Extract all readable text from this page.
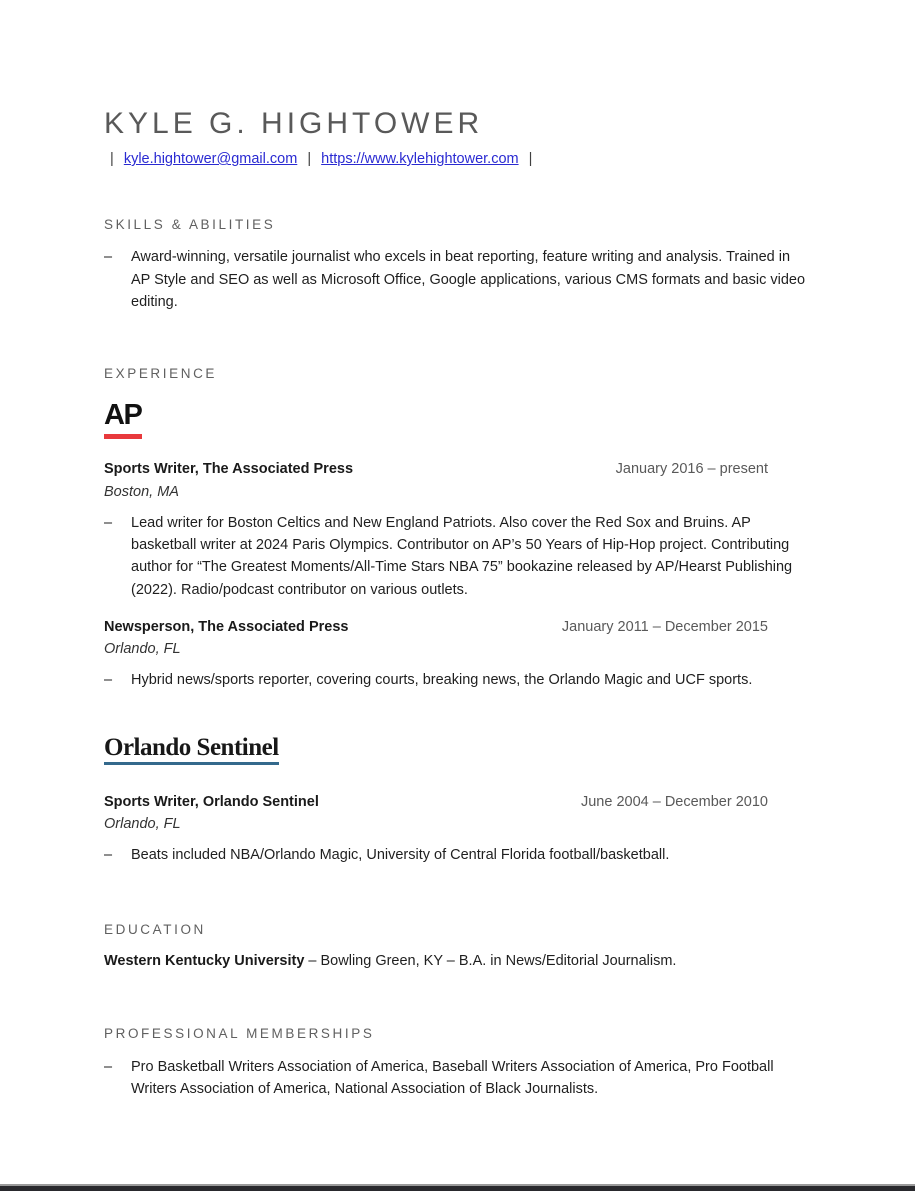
KYLE G. HIGHTOWER
| kyle.hightower@gmail.com | https://www.kylehightower.com |
SKILLS & ABILITIES
–	Award-winning, versatile journalist who excels in beat reporting, feature writing and analysis. Trained in AP Style and SEO as well as Microsoft Office, Google applications, various CMS formats and basic video editing.
EXPERIENCE
AP
Sports Writer, The Associated Press	January 2016 – present
Boston, MA
–	Lead writer for Boston Celtics and New England Patriots. Also cover the Red Sox and Bruins. AP basketball writer at 2024 Paris Olympics. Contributor on AP’s 50 Years of Hip-Hop project. Contributing author for “The Greatest Moments/All-Time Stars NBA 75” bookazine released by AP/Hearst Publishing (2022). Radio/podcast contributor on various outlets.
Newsperson, The Associated Press	January 2011 – December 2015
Orlando, FL
–	Hybrid news/sports reporter, covering courts, breaking news, the Orlando Magic and UCF sports.
Orlando Sentinel
Sports Writer, Orlando Sentinel	June 2004 – December 2010
Orlando, FL
–	Beats included NBA/Orlando Magic, University of Central Florida football/basketball.
EDUCATION
Western Kentucky University – Bowling Green, KY – B.A. in News/Editorial Journalism.
PROFESSIONAL MEMBERSHIPS
–	Pro Basketball Writers Association of America, Baseball Writers Association of America, Pro Football Writers Association of America, National Association of Black Journalists.
